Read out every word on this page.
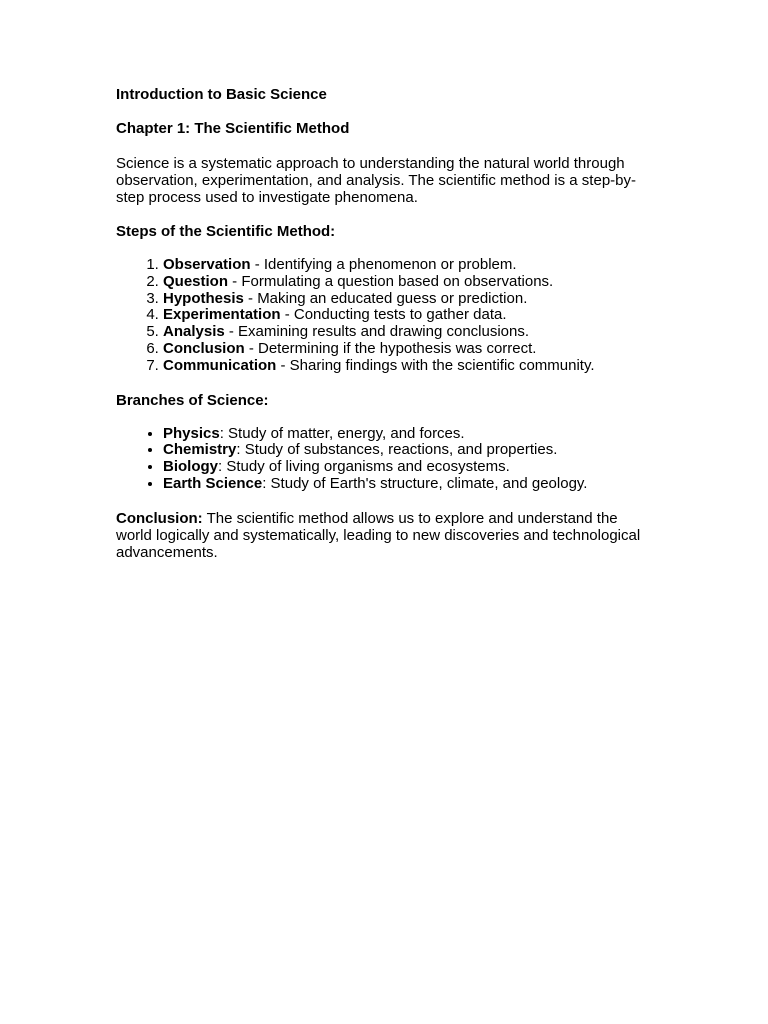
Introduction to Basic Science

Chapter 1: The Scientific Method

Science is a systematic approach to understanding the natural world through observation, experimentation, and analysis. The scientific method is a step-by-step process used to investigate phenomena.

Steps of the Scientific Method:

1. Observation - Identifying a phenomenon or problem.
2. Question - Formulating a question based on observations.
3. Hypothesis - Making an educated guess or prediction.
4. Experimentation - Conducting tests to gather data.
5. Analysis - Examining results and drawing conclusions.
6. Conclusion - Determining if the hypothesis was correct.
7. Communication - Sharing findings with the scientific community.

Branches of Science:

• Physics: Study of matter, energy, and forces.
• Chemistry: Study of substances, reactions, and properties.
• Biology: Study of living organisms and ecosystems.
• Earth Science: Study of Earth's structure, climate, and geology.

Conclusion: The scientific method allows us to explore and understand the world logically and systematically, leading to new discoveries and technological advancements.
